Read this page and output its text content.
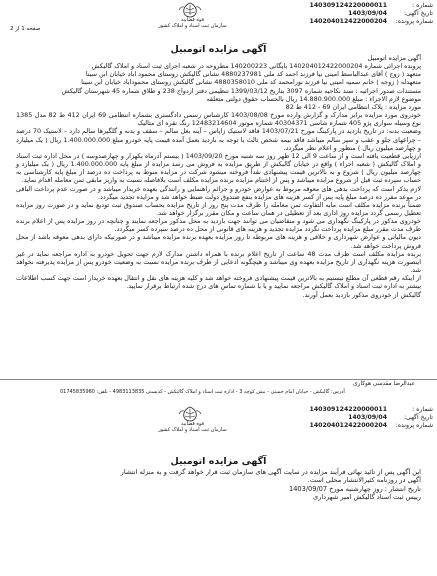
شماره : 140309124220000011
تاریخ آگهی: 1403/09/04
شماره پرونده: 140204012422000204
قوه قضاییه
سازمان ثبت اسناد و املاک کشور
صفحه 1 از 2
آگهی مزایده اتومبیل

آگهی مزایده اتومبیل

پرونده اجرائی شماره 140204012422000204 بایگانی 140200223 مطروحه در شعبه اجرای ثبت اسناد و املاک گالیکش

متعهد ( زوج ) آقای عبدالباسط امینی نیا فرزند احمد کد ملی 4880237981 نشانی گالیکش روستای محمود اباد خیابان ابن سینا

متعهدله ( زوجه ) خانم سمیه امینی نیا فرزند نورامحمد کد ملی 4880358010 نشانی گالیکش روستای محموداباد خیابان ابن سینا

مستندات صدور اجرائیه : سند نکاحیه شماره 3097 بتاریخ 1399/03/12 تنظیمی دفتر ازدواج 238 و طلاق شماره 45 شهرستان گالیکش

موضوع لازم الاجراء : مبلغ 14.880.900.000 ریال بالحساب حقوق دولتی متعلقه

مورد مزایده : پلاک انتظامی ایران 69 - 412 ط 82

خودروی مورد مزایده برابر مدارک و گزارش وارده مورخ 1403/08/08 کارشناس رسمی دادگستری بشماره انتظامی 69 ایران 412 ط 82 مدل 1385 نوع وسیله سواری پژو 405 شماره شاسی 40304371 شماره موتور 12483214604 رنگ نقره ای متالیک

وضعیت بدنه: در تاریخ بازدید در پارکینگ مورخ 1403/07/21 فاقد لاستیک زاپاس – آینه بغل سالم – سقف و بدنه و گلگیرها سالم دارد – لاستیک 70 درصد – چراغهای جلو و عقب و سپر سالم میباشد فاقد بیمه شخص ثالث با توجه به بازدید بعمل آمده قیمت پایه خودرو مبلغ 1.400.000.000 ریال ( یک میلیارد و چهارصد میلیون ریال ) منظور و اعلام نظر میگردد.

ارزیابی قطعیت یافته است و از ساعت 9 الی 12 ظهر روز سه شنبه مورخ 1403/09/20 ( بیستم آذرماه یکهزار و چهارصدوسه ) در محل اداره ثبت اسناد و املاک گالیکش ( شعبه اجراء ) واقع در خیابان گالیکش از طریق مزایده به فروش می رسد مزایده از مبلغ پایه 1.400.000.000 ریال ( یک میلیارد و چهارصد میلیون ریال ) شروع و به بالاترین قیمت پیشنهادی نقداً فروخته میشود شرکت در مزایده منوط به پرداخت ده درصد از مبلغ پایه کارشناسی به حساب سپرده ثبت قبل از شروع مزایده میباشد و پس از اختتام مزایده برنده مزایده مکلف است بلافاصله نسبت به واریز مابقی ثمن معامله اقدام نماید.

لازم بذکر است که پرداخت بدهی های معوقه مربوط به عوارض خودرو و جرائم راهنمایی و رانندگی بعهده خریدار میباشد و در صورت عدم پرداخت الباقی در موعد مقرر ده درصد مبلغ پایه پس از کسر هزینه های مزایده بنفع صندوق دولت ضبط خواهد شد و مزایده تجدید میگردد.

ضمناً برنده مزایده مکلف است مابه التفاوت ثمن معامله را ظرف مدت پنج روز از تاریخ مزایده بحساب صندوق ثبت تودیع نماید و در صورت روز مزایده تعطیل رسمی گردد مزایده روز اداری بعد از تعطیلی در همان ساعت و مکان مقرر برگزار خواهد شد.

خودروی مذکور در پارکینگ نگهداری می شود و متقاضیان می توانند جهت بازدید به محل مذکور مراجعه نمایند و چنانچه در روز مزایده پس از اعلام برنده ظرف مدت مقرر مبلغ مزایده پرداخت نگردد مزایده تجدید و هزینه های قانونی از محل ده درصد سپرده کسر میگردد.

دیون مالیاتی و عوارض شهرداری و خلافی و هزینه های مربوطه تا روز مزایده بعهده برنده مزایده میباشد و در صورتیکه دارای بدهی معوقه باشد از محل فروش پرداخت خواهد شد.

برنده مزایده مکلف است ظرف مدت 48 ساعت از تاریخ اعلام برنده با همراه داشتن مدارک لازم جهت تحویل خودرو به اداره مراجعه نماید در غیر اینصورت هزینه نگهداری از تاریخ مزایده بعهده وی میباشد و هیچگونه ادعایی از طرف برنده مزایده نسبت به وضعیت خودرو پس از مزایده پذیرفته نخواهد شد.

از اینکه رقم قطعی آن مطلع نیستیم به بالاترین قیمت پیشنهادی فروخته خواهد شد و کلیه هزینه های نقل و انتقال بعهده خریدار است جهت کسب اطلاعات بیشتر به اداره ثبت اسناد و املاک گالیکش مراجعه نمایید و یا با شماره تماس های درج شده ارتباط برقرار نمایید.

گالیکش از خودروی مذکور بازدید بعمل آورند.

عبدالرضا مقدسی هوکاری
آدرس: گالیکش - خیابان امام خمینی - نبش کوچه 3 - اداره ثبت اسناد و املاک گالیکش - کدپستی 4983113835 - تلفن: 01745835960
شماره : 140309124220000011
تاریخ آگهی: 1403/09/04
شماره پرونده: 140204012422000204
قوه قضاییه
سازمان ثبت اسناد و املاک کشور
آگهی مزایده اتومبیل

این آگهی پس از تائید نهائی فرآیند مزایده در سایت آگهی های سازمان ثبت قرار خواهد گرفت و به منزله انتشار

آگهی در روزنامه کثیرالانتشار محلی است.

تاریخ انتشار : روز چهارشنبه مورخ 1403/09/07

رییس ثبت اسناد گالیکش امیر شهرداری
